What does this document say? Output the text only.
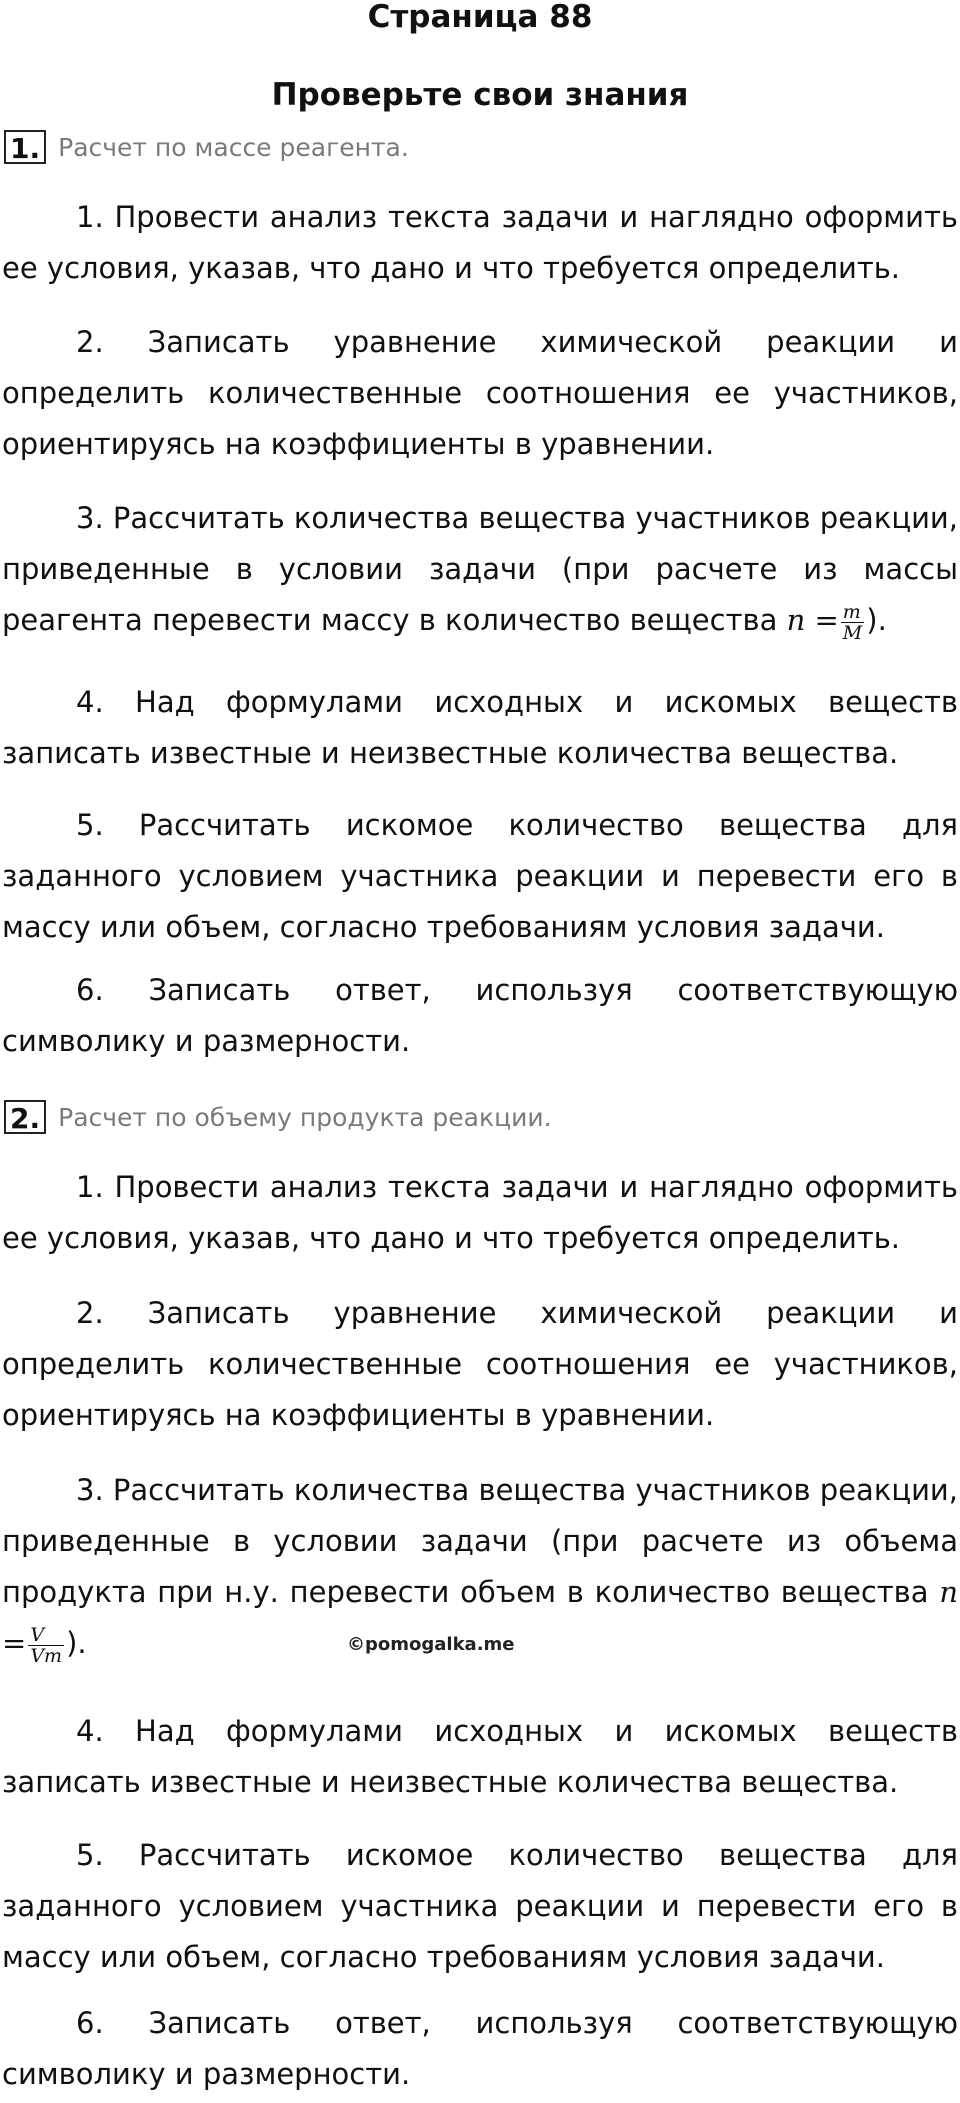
Страница 88
Проверьте свои знания
1. Расчет по массе реагента.
1. Провести анализ текста задачи и наглядно оформить ее условия, указав, что дано и что требуется определить.
2. Записать уравнение химической реакции и определить количественные соотношения ее участников, ориентируясь на коэффициенты в уравнении.
3. Рассчитать количества вещества участников реакции, приведенные в условии задачи (при расчете из массы реагента перевести массу в количество вещества $n = \frac{m}{M}$ ).
4. Над формулами исходных и искомых веществ записать известные и неизвестные количества вещества.
5. Рассчитать искомое количество вещества для заданного условием участника реакции и перевести его в массу или объем, согласно требованиям условия задачи.
6. Записать ответ, используя соответствующую символику и размерности.
2. Расчет по объему продукта реакции.
1. Провести анализ текста задачи и наглядно оформить ее условия, указав, что дано и что требуется определить.
2. Записать уравнение химической реакции и определить количественные соотношения ее участников, ориентируясь на коэффициенты в уравнении.
3. Рассчитать количества вещества участников реакции, приведенные в условии задачи (при расчете из объема продукта при н.у. перевести объем в количество вещества $n = \frac{V}{Vm}$ ).
4. Над формулами исходных и искомых веществ записать известные и неизвестные количества вещества.
5. Рассчитать искомое количество вещества для заданного условием участника реакции и перевести его в массу или объем, согласно требованиям условия задачи.
6. Записать ответ, используя соответствующую символику и размерности.
©pomogalka.me
